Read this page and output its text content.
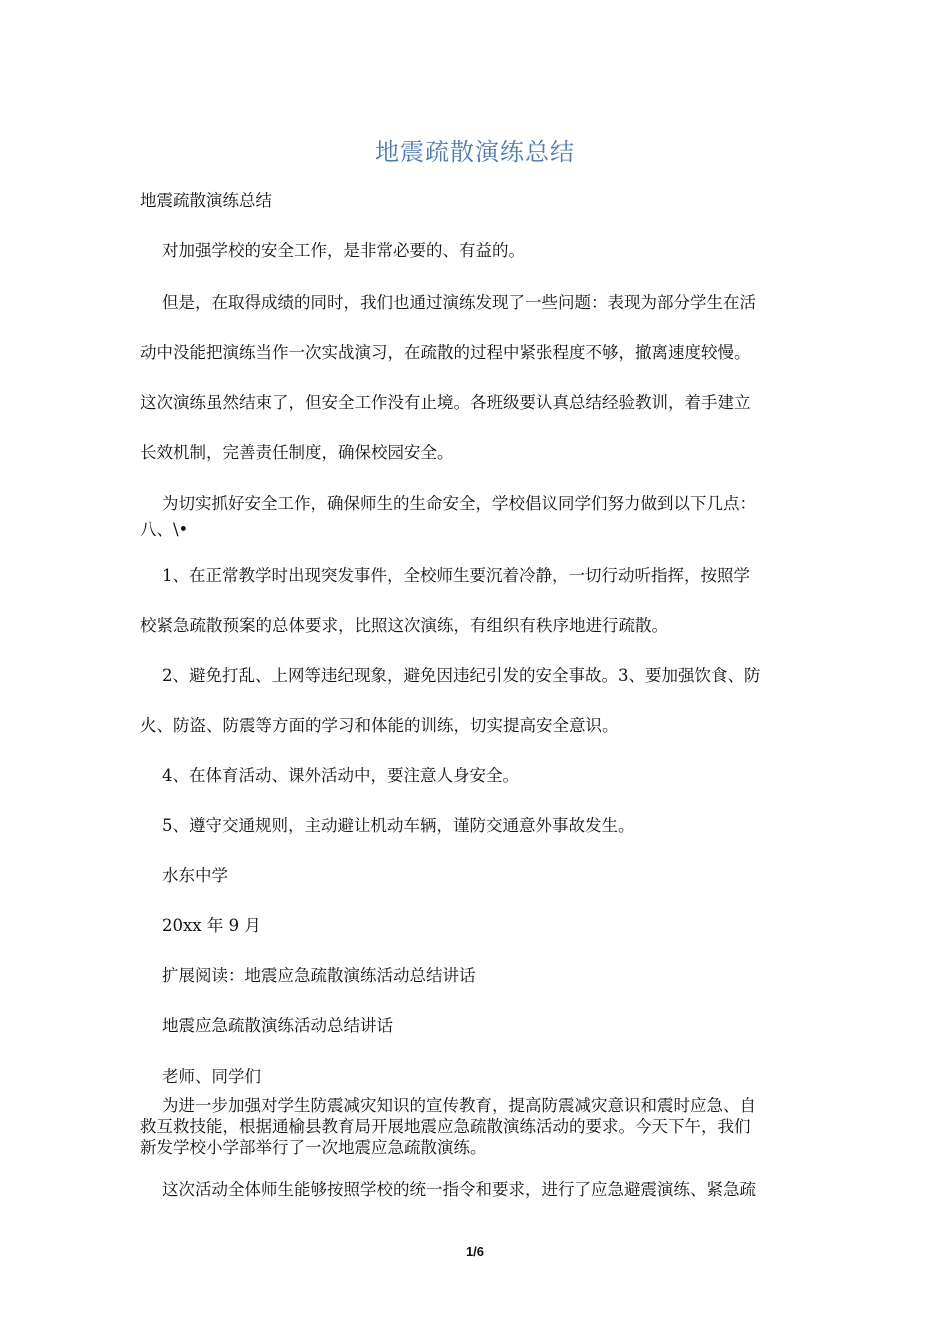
地震疏散演练总结
地震疏散演练总结
对加强学校的安全工作，是非常必要的、有益的。
但是，在取得成绩的同时，我们也通过演练发现了一些问题：表现为部分学生在活
动中没能把演练当作一次实战演习，在疏散的过程中紧张程度不够，撤离速度较慢。
这次演练虽然结束了，但安全工作没有止境。各班级要认真总结经验教训，着手建立
长效机制，完善责任制度，确保校园安全。
为切实抓好安全工作，确保师生的生命安全，学校倡议同学们努力做到以下几点：
八、\•
1、在正常教学时出现突发事件，全校师生要沉着冷静，一切行动听指挥，按照学
校紧急疏散预案的总体要求，比照这次演练，有组织有秩序地进行疏散。
2、避免打乱、上网等违纪现象，避免因违纪引发的安全事故。3、要加强饮食、防
火、防盗、防震等方面的学习和体能的训练，切实提高安全意识。
4、在体育活动、课外活动中，要注意人身安全。
5、遵守交通规则，主动避让机动车辆，谨防交通意外事故发生。
水东中学
20xx 年 9 月
扩展阅读：地震应急疏散演练活动总结讲话
地震应急疏散演练活动总结讲话
老师、同学们

为进一步加强对学生防震减灾知识的宣传教育，提高防震减灾意识和震时应急、自

救互救技能，根据通榆县教育局开展地震应急疏散演练活动的要求。今天下午，我们

新发学校小学部举行了一次地震应急疏散演练。

这次活动全体师生能够按照学校的统一指令和要求，进行了应急避震演练、紧急疏
1/6
